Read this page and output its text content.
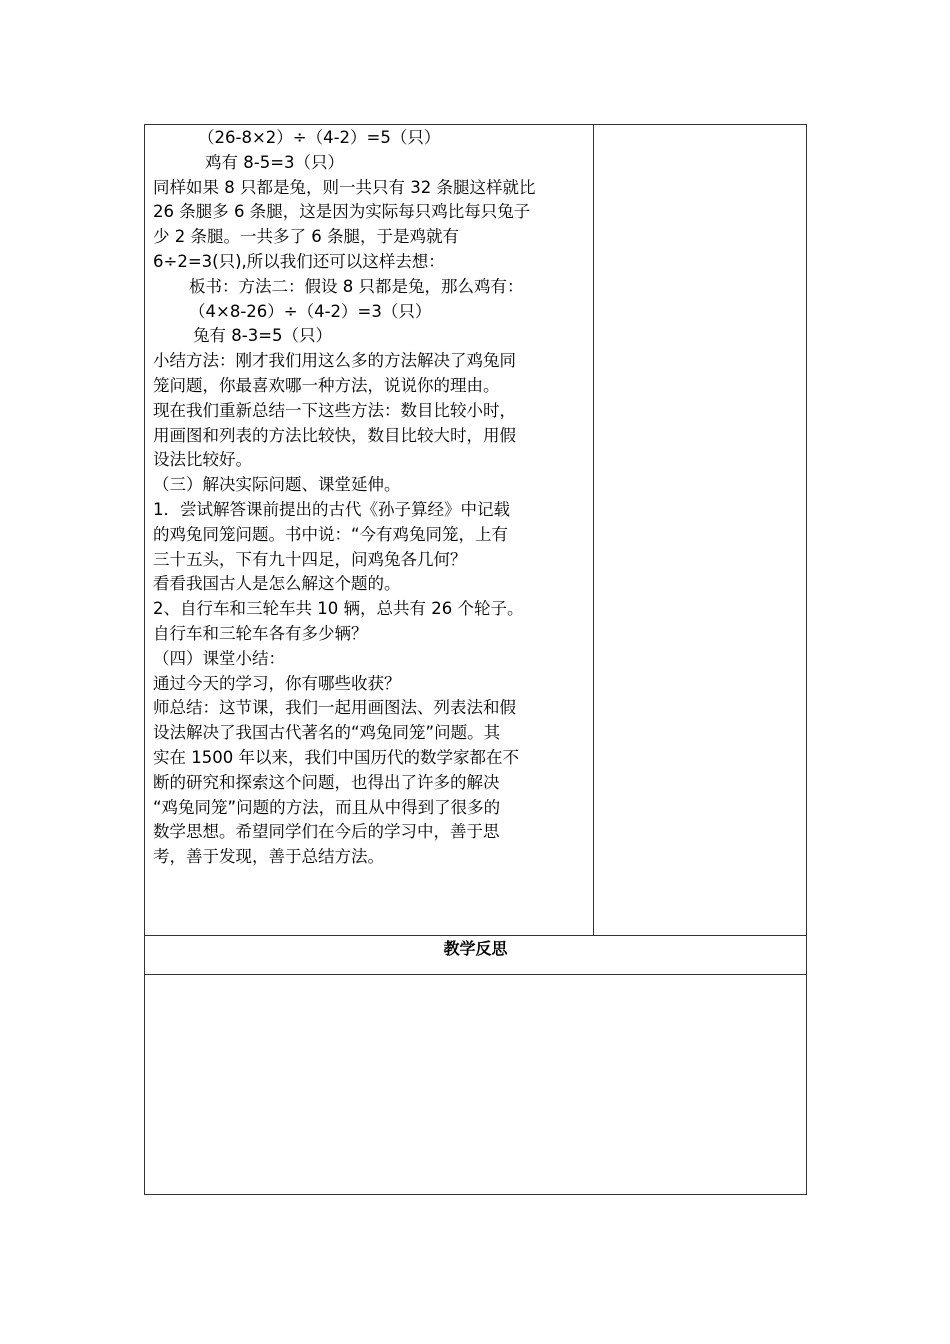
（26-8×2）÷（4-2）=5（只）
鸡有 8-5=3（只）
同样如果 8 只都是兔，则一共只有 32 条腿这样就比
26 条腿多 6 条腿，这是因为实际每只鸡比每只兔子
少 2 条腿。一共多了 6 条腿，于是鸡就有
6÷2=3(只),所以我们还可以这样去想：
板书：方法二：假设 8 只都是兔，那么鸡有：
（4×8-26）÷（4-2）=3（只）
兔有 8-3=5（只）
小结方法：刚才我们用这么多的方法解决了鸡兔同
笼问题，你最喜欢哪一种方法，说说你的理由。
现在我们重新总结一下这些方法：数目比较小时，
用画图和列表的方法比较快，数目比较大时，用假
设法比较好。
（三）解决实际问题、课堂延伸。
1．尝试解答课前提出的古代《孙子算经》中记载
的鸡兔同笼问题。书中说：“今有鸡兔同笼，上有
三十五头，下有九十四足，问鸡兔各几何？
看看我国古人是怎么解这个题的。
2、自行车和三轮车共 10 辆，总共有 26 个轮子。
自行车和三轮车各有多少辆？
（四）课堂小结：
通过今天的学习，你有哪些收获？
师总结：这节课，我们一起用画图法、列表法和假
设法解决了我国古代著名的“鸡兔同笼”问题。其
实在 1500 年以来，我们中国历代的数学家都在不
断的研究和探索这个问题，也得出了许多的解决
“鸡兔同笼”问题的方法，而且从中得到了很多的
数学思想。希望同学们在今后的学习中，善于思
考，善于发现，善于总结方法。
教学反思
